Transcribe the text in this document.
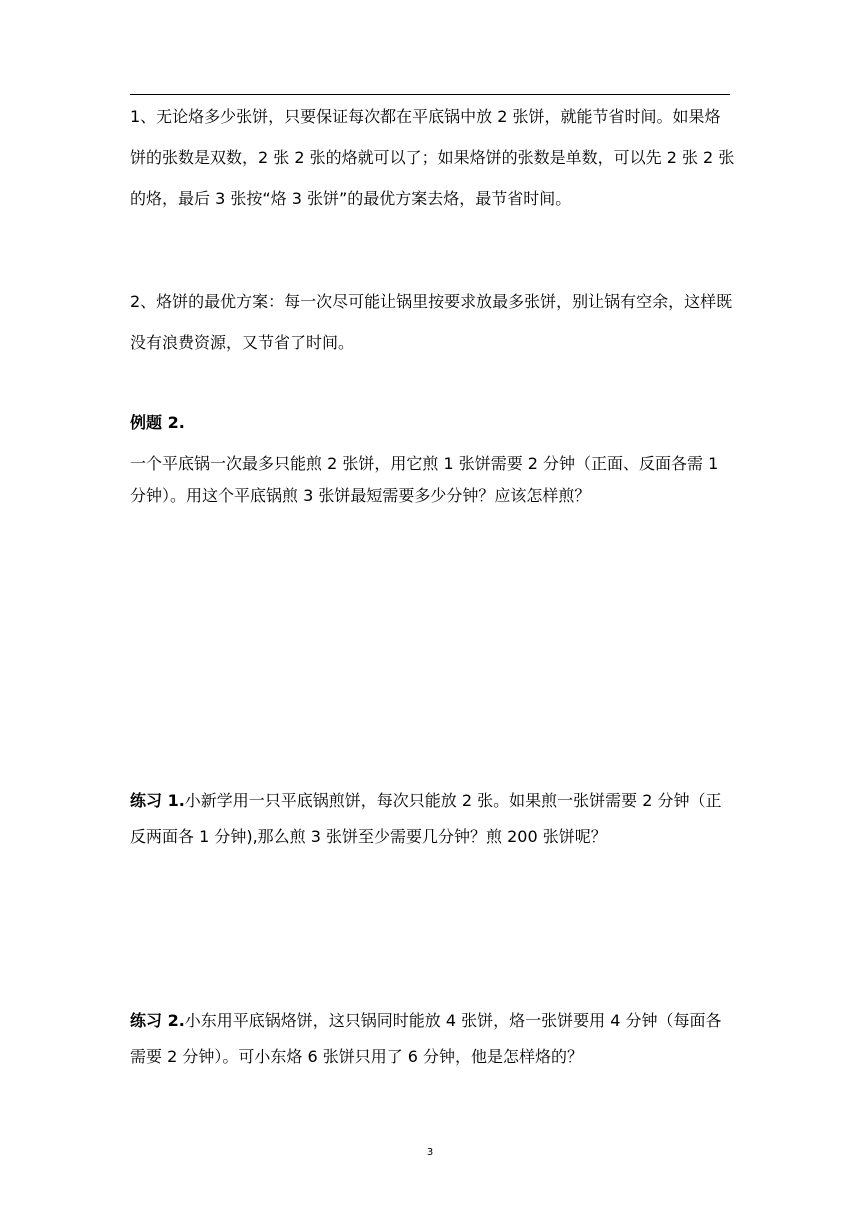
1、无论烙多少张饼，只要保证每次都在平底锅中放 2 张饼，就能节省时间。如果烙饼的张数是双数，2 张 2 张的烙就可以了；如果烙饼的张数是单数，可以先 2 张 2 张的烙，最后 3 张按“烙 3 张饼”的最优方案去烙，最节省时间。

2、烙饼的最优方案：每一次尽可能让锅里按要求放最多张饼，别让锅有空余，这样既没有浪费资源，又节省了时间。

例题 2.

一个平底锅一次最多只能煎 2 张饼，用它煎 1 张饼需要 2 分钟（正面、反面各需 1 分钟）。用这个平底锅煎 3 张饼最短需要多少分钟？应该怎样煎？

练习 1.小新学用一只平底锅煎饼，每次只能放 2 张。如果煎一张饼需要 2 分钟（正反两面各 1 分钟),那么煎 3 张饼至少需要几分钟？煎 200 张饼呢？

练习 2.小东用平底锅烙饼，这只锅同时能放 4 张饼，烙一张饼要用 4 分钟（每面各需要 2 分钟）。可小东烙 6 张饼只用了 6 分钟，他是怎样烙的？

3
